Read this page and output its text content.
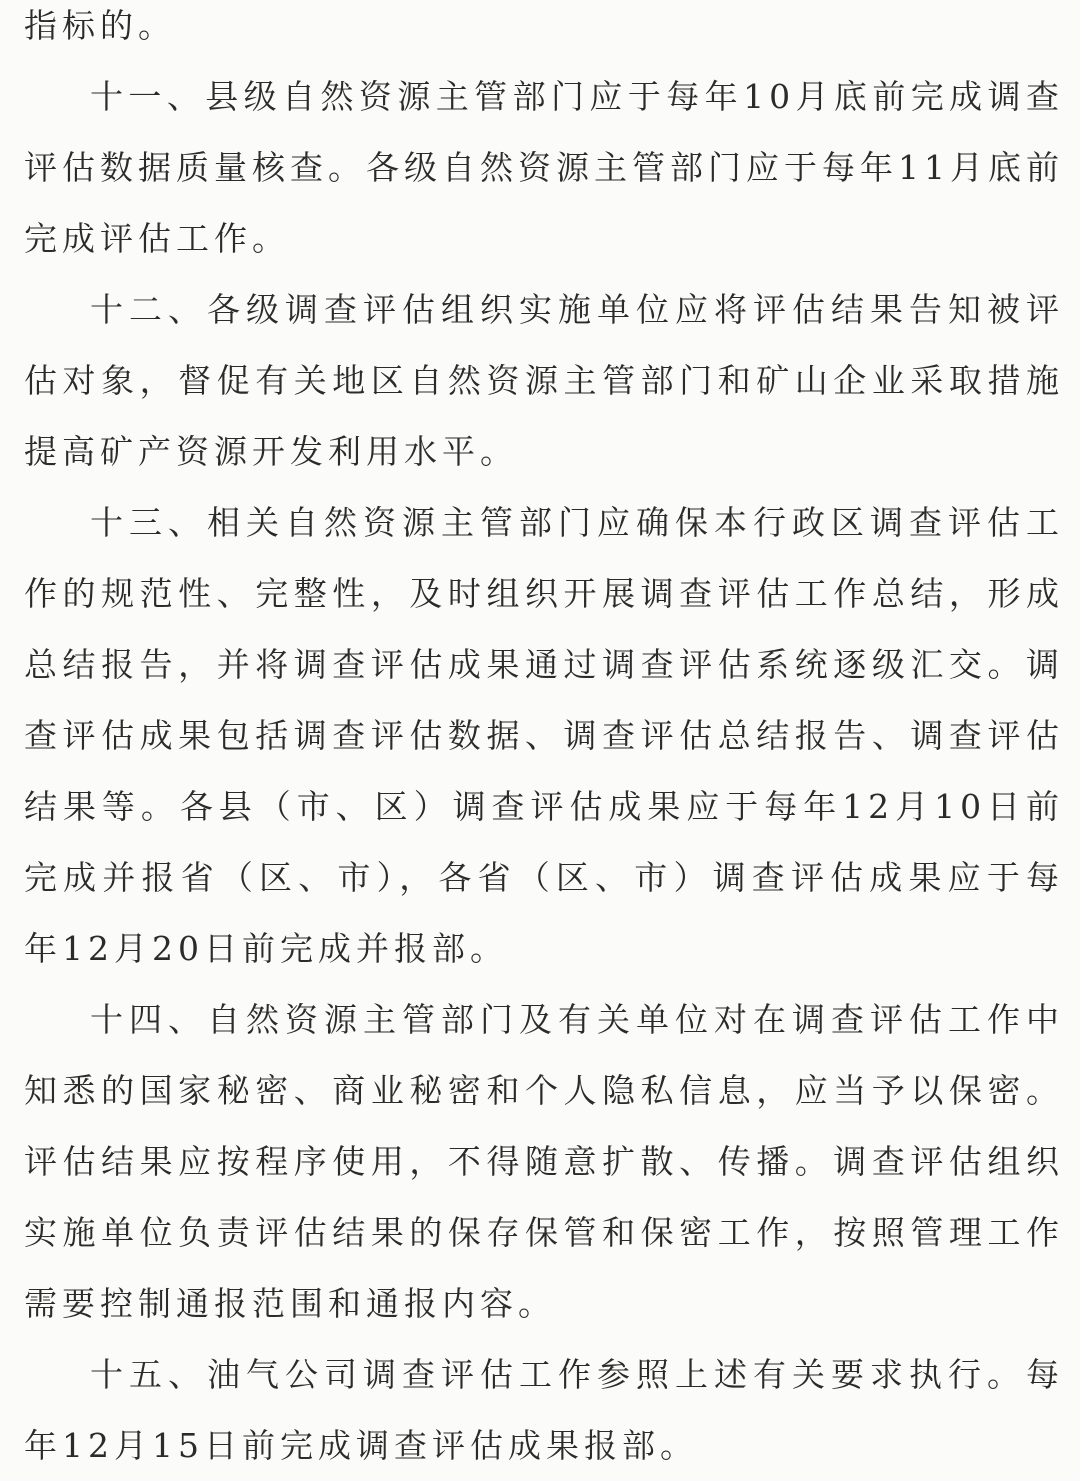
指标的。

十一、县级自然资源主管部门应于每年10月底前完成调查评估数据质量核查。各级自然资源主管部门应于每年11月底前完成评估工作。

十二、各级调查评估组织实施单位应将评估结果告知被评估对象，督促有关地区自然资源主管部门和矿山企业采取措施提高矿产资源开发利用水平。

十三、相关自然资源主管部门应确保本行政区调查评估工作的规范性、完整性，及时组织开展调查评估工作总结，形成总结报告，并将调查评估成果通过调查评估系统逐级汇交。调查评估成果包括调查评估数据、调查评估总结报告、调查评估结果等。各县（市、区）调查评估成果应于每年12月10日前完成并报省（区、市），各省（区、市）调查评估成果应于每年12月20日前完成并报部。

十四、自然资源主管部门及有关单位对在调查评估工作中知悉的国家秘密、商业秘密和个人隐私信息，应当予以保密。评估结果应按程序使用，不得随意扩散、传播。调查评估组织实施单位负责评估结果的保存保管和保密工作，按照管理工作需要控制通报范围和通报内容。

十五、油气公司调查评估工作参照上述有关要求执行。每年12月15日前完成调查评估成果报部。
